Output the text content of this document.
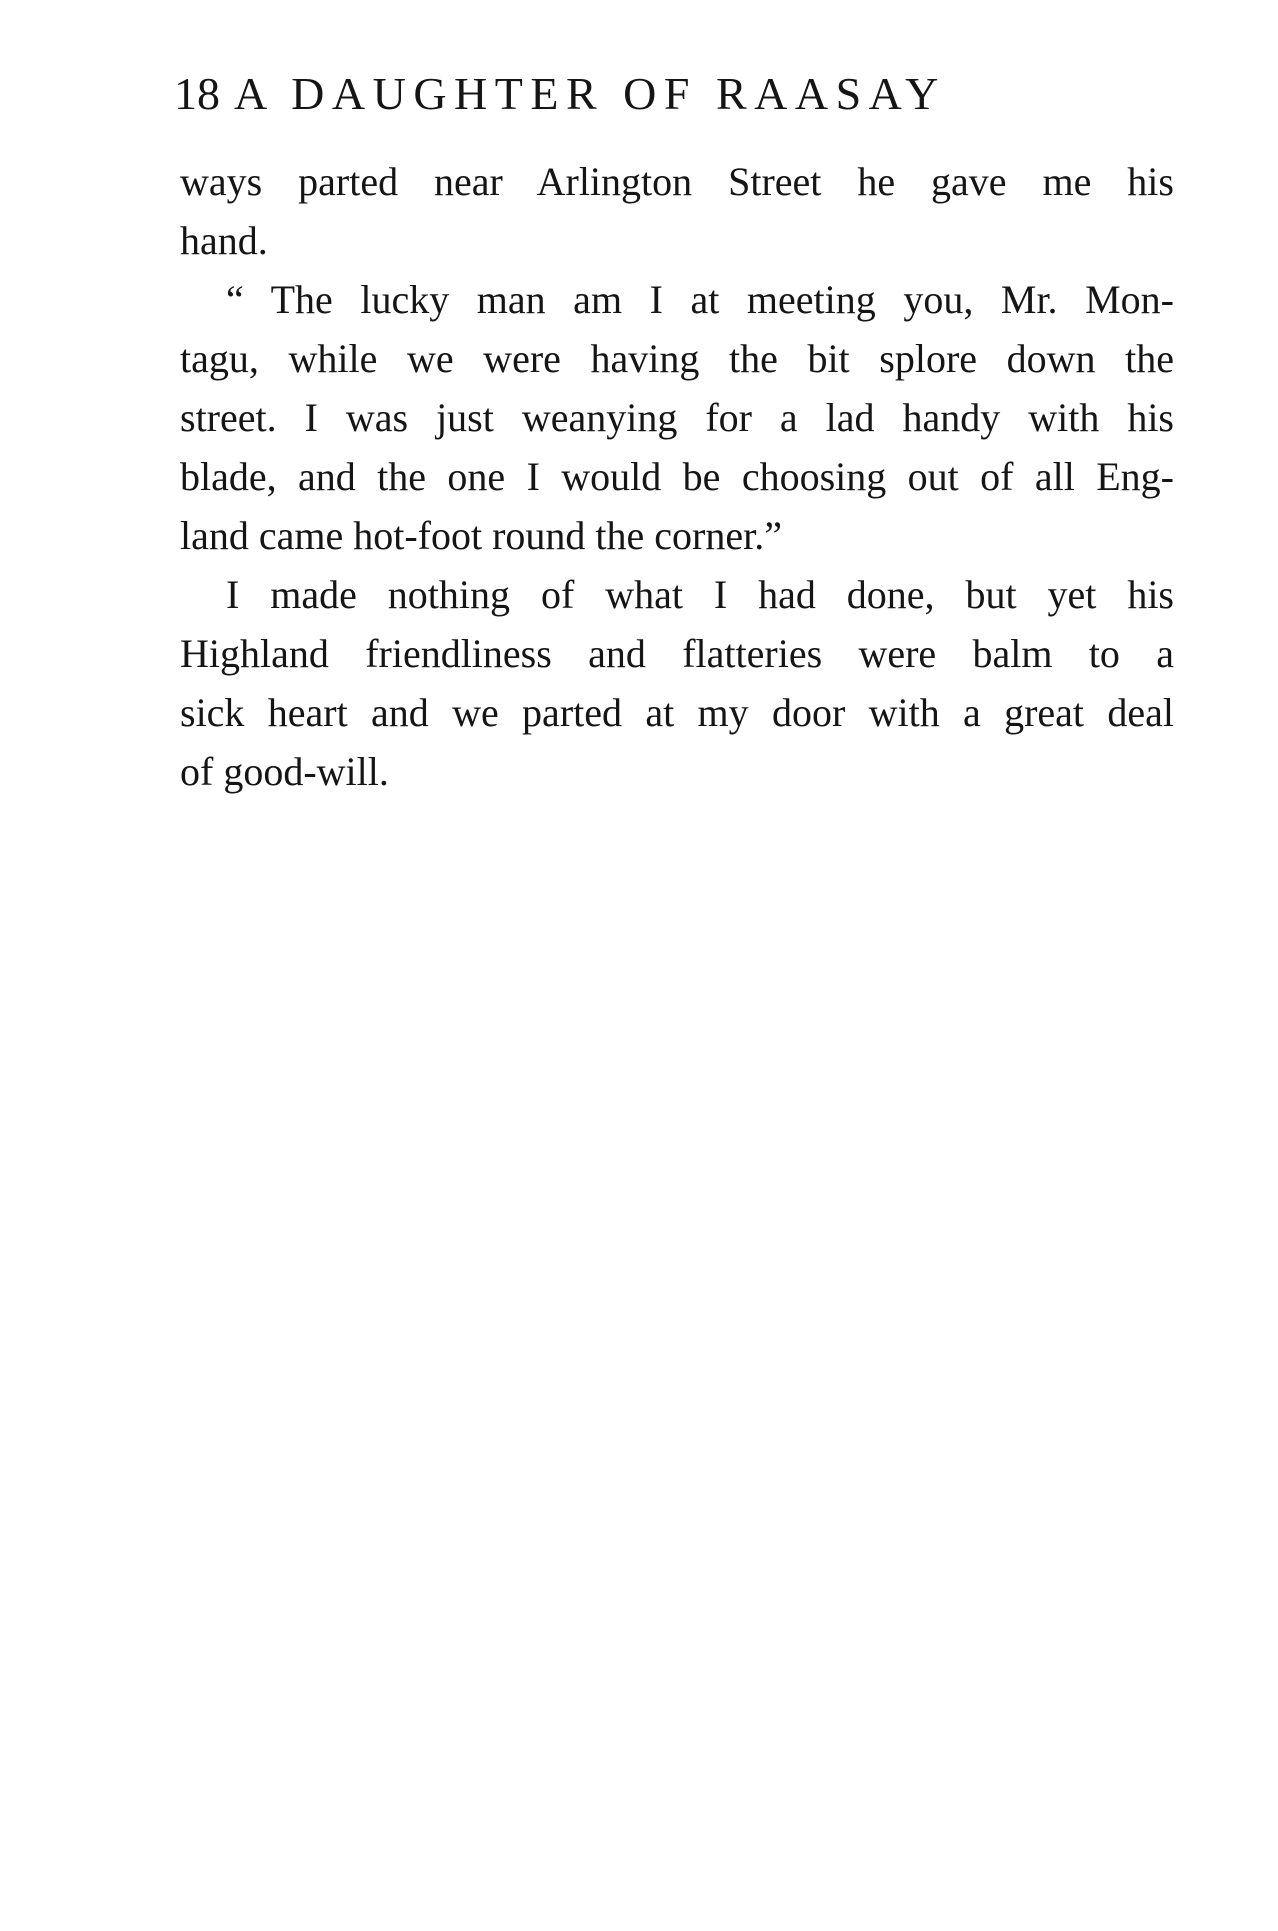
18 A DAUGHTER OF RAASAY
ways parted near Arlington Street he gave me his
hand.
“ The lucky man am I at meeting you, Mr. Mon-
tagu, while we were having the bit splore down the
street. I was just weanying for a lad handy with his
blade, and the one I would be choosing out of all Eng-
land came hot-foot round the corner.”
I made nothing of what I had done, but yet his
Highland friendliness and flatteries were balm to a
sick heart and we parted at my door with a great deal
of good-will.
